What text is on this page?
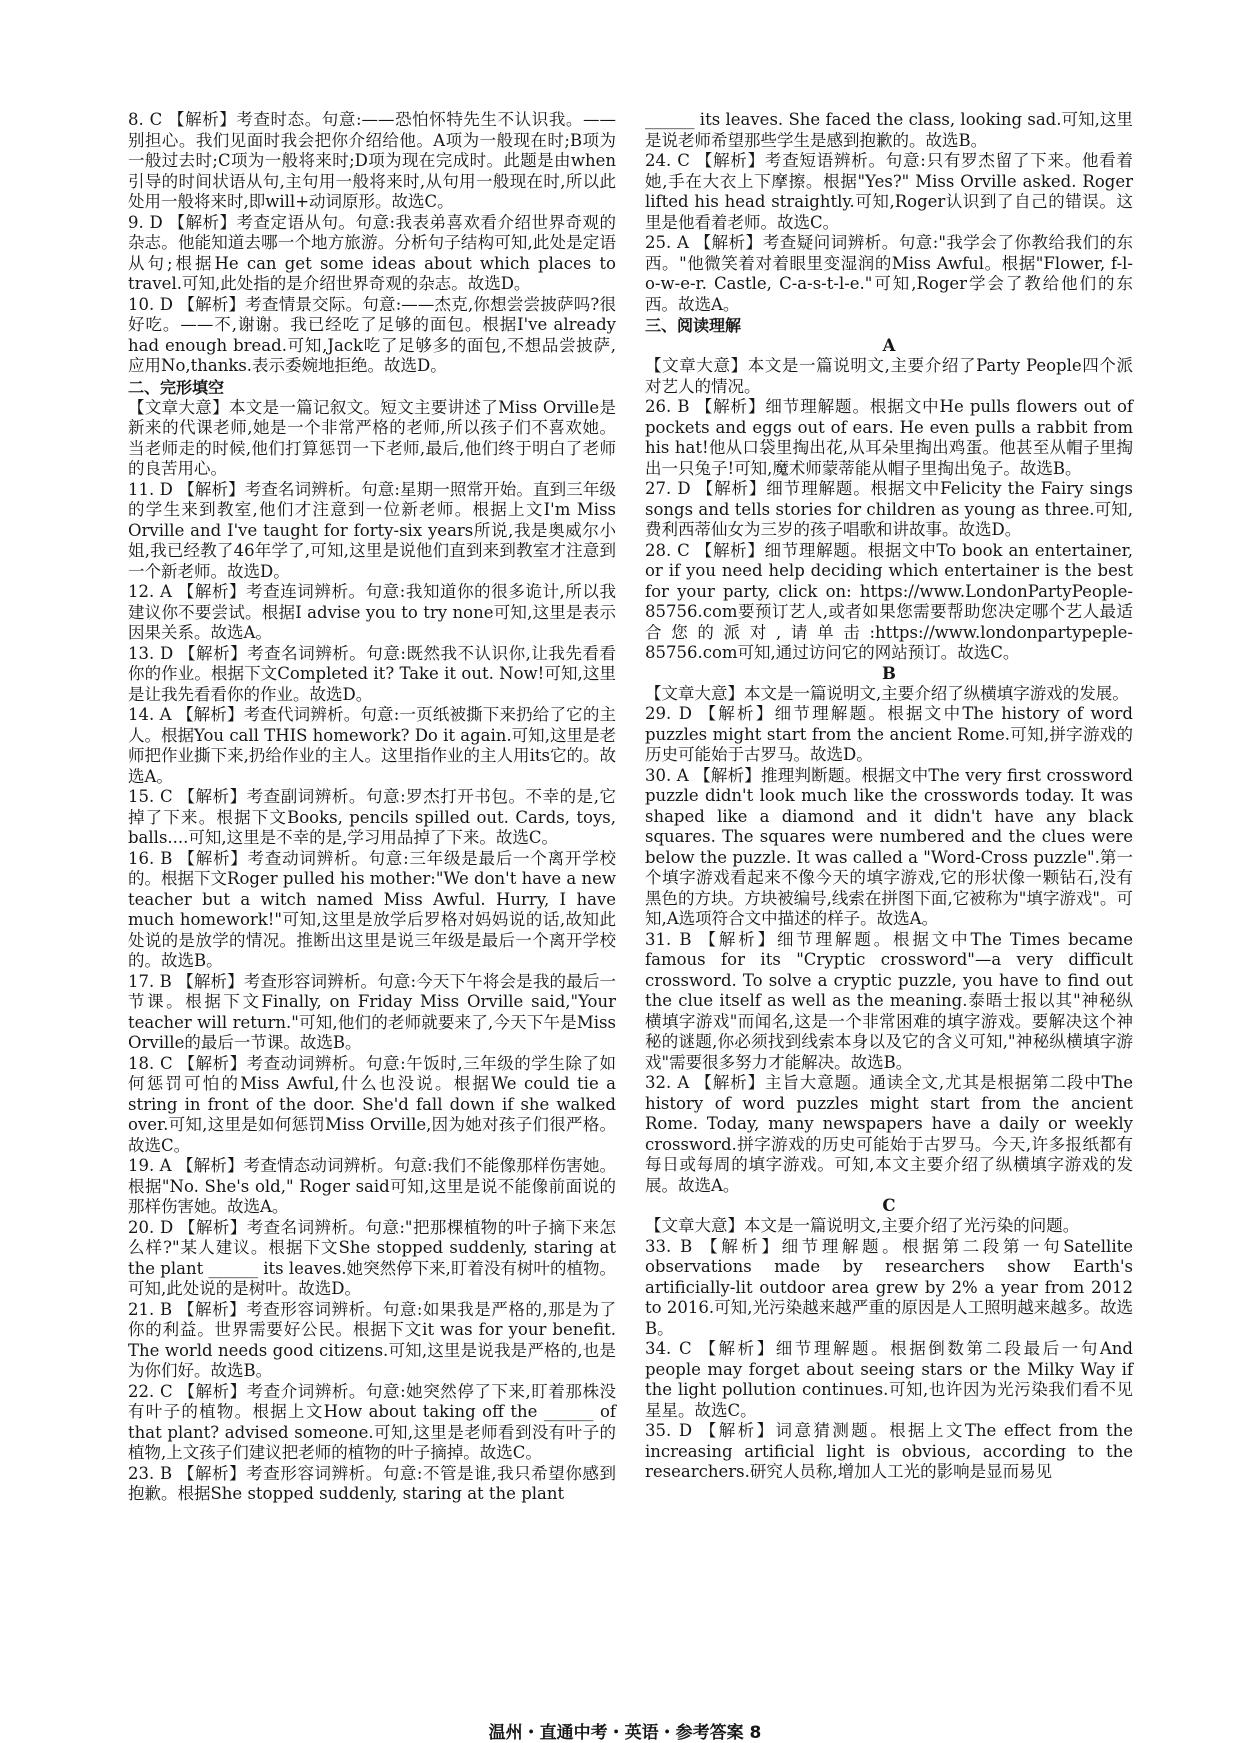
8. C 【解析】考查时态。句意:——恐怕怀特先生不认识我。——别担心。我们见面时我会把你介绍给他。A项为一般现在时;B项为一般过去时;C项为一般将来时;D项为现在完成时。此题是由when引导的时间状语从句,主句用一般将来时,从句用一般现在时,所以此处用一般将来时,即will+动词原形。故选C。

9. D 【解析】考查定语从句。句意:我表弟喜欢看介绍世界奇观的杂志。他能知道去哪一个地方旅游。分析句子结构可知,此处是定语从句;根据He can get some ideas about which places to travel.可知,此处指的是介绍世界奇观的杂志。故选D。

10. D 【解析】考查情景交际。句意:——杰克,你想尝尝披萨吗?很好吃。——不,谢谢。我已经吃了足够的面包。根据I've already had enough bread.可知,Jack吃了足够多的面包,不想品尝披萨,应用No,thanks.表示委婉地拒绝。故选D。

二、完形填空

【文章大意】本文是一篇记叙文。短文主要讲述了Miss Orville是新来的代课老师,她是一个非常严格的老师,所以孩子们不喜欢她。当老师走的时候,他们打算惩罚一下老师,最后,他们终于明白了老师的良苦用心。

11. D 【解析】考查名词辨析。句意:星期一照常开始。直到三年级的学生来到教室,他们才注意到一位新老师。根据上文I'm Miss Orville and I've taught for forty-six years所说,我是奥威尔小姐,我已经教了46年学了,可知,这里是说他们直到来到教室才注意到一个新老师。故选D。

12. A 【解析】考查连词辨析。句意:我知道你的很多诡计,所以我建议你不要尝试。根据I advise you to try none可知,这里是表示因果关系。故选A。

13. D 【解析】考查名词辨析。句意:既然我不认识你,让我先看看你的作业。根据下文Completed it? Take it out. Now!可知,这里是让我先看看你的作业。故选D。

14. A 【解析】考查代词辨析。句意:一页纸被撕下来扔给了它的主人。根据You call THIS homework? Do it again.可知,这里是老师把作业撕下来,扔给作业的主人。这里指作业的主人用its它的。故选A。

15. C 【解析】考查副词辨析。句意:罗杰打开书包。不幸的是,它掉了下来。根据下文Books, pencils spilled out. Cards, toys, balls....可知,这里是不幸的是,学习用品掉了下来。故选C。

16. B 【解析】考查动词辨析。句意:三年级是最后一个离开学校的。根据下文Roger pulled his mother:"We don't have a new teacher but a witch named Miss Awful. Hurry, I have much homework!"可知,这里是放学后罗格对妈妈说的话,故知此处说的是放学的情况。推断出这里是说三年级是最后一个离开学校的。故选B。

17. B 【解析】考查形容词辨析。句意:今天下午将会是我的最后一节课。根据下文Finally, on Friday Miss Orville said,"Your teacher will return."可知,他们的老师就要来了,今天下午是Miss Orville的最后一节课。故选B。

18. C 【解析】考查动词辨析。句意:午饭时,三年级的学生除了如何惩罚可怕的Miss Awful,什么也没说。根据We could tie a string in front of the door. She'd fall down if she walked over.可知,这里是如何惩罚Miss Orville,因为她对孩子们很严格。故选C。

19. A 【解析】考查情态动词辨析。句意:我们不能像那样伤害她。根据"No. She's old," Roger said可知,这里是说不能像前面说的那样伤害她。故选A。

20. D 【解析】考查名词辨析。句意:"把那棵植物的叶子摘下来怎么样?"某人建议。根据下文She stopped suddenly, staring at the plant ______ its leaves.她突然停下来,盯着没有树叶的植物。可知,此处说的是树叶。故选D。

21. B 【解析】考查形容词辨析。句意:如果我是严格的,那是为了你的利益。世界需要好公民。根据下文it was for your benefit. The world needs good citizens.可知,这里是说我是严格的,也是为你们好。故选B。

22. C 【解析】考查介词辨析。句意:她突然停了下来,盯着那株没有叶子的植物。根据上文How about taking off the ______ of that plant? advised someone.可知,这里是老师看到没有叶子的植物,上文孩子们建议把老师的植物的叶子摘掉。故选C。

23. B 【解析】考查形容词辨析。句意:不管是谁,我只希望你感到抱歉。根据She stopped suddenly, staring at the plant

______ its leaves. She faced the class, looking sad.可知,这里是说老师希望那些学生是感到抱歉的。故选B。

24. C 【解析】考查短语辨析。句意:只有罗杰留了下来。他看着她,手在大衣上下摩擦。根据"Yes?" Miss Orville asked. Roger lifted his head straightly.可知,Roger认识到了自己的错误。这里是他看着老师。故选C。

25. A 【解析】考查疑问词辨析。句意:"我学会了你教给我们的东西。"他微笑着对着眼里变湿润的Miss Awful。根据"Flower, f-l-o-w-e-r. Castle, C-a-s-t-l-e."可知,Roger学会了教给他们的东西。故选A。

三、阅读理解

A

【文章大意】本文是一篇说明文,主要介绍了Party People四个派对艺人的情况。

26. B 【解析】细节理解题。根据文中He pulls flowers out of pockets and eggs out of ears. He even pulls a rabbit from his hat!他从口袋里掏出花,从耳朵里掏出鸡蛋。他甚至从帽子里掏出一只兔子!可知,魔术师蒙蒂能从帽子里掏出兔子。故选B。

27. D 【解析】细节理解题。根据文中Felicity the Fairy sings songs and tells stories for children as young as three.可知,费利西蒂仙女为三岁的孩子唱歌和讲故事。故选D。

28. C 【解析】细节理解题。根据文中To book an entertainer, or if you need help deciding which entertainer is the best for your party, click on: https://www.LondonPartyPeople-85756.com要预订艺人,或者如果您需要帮助您决定哪个艺人最适合您的派对,请单击:https://www.londonpartypeple-85756.com可知,通过访问它的网站预订。故选C。

B

【文章大意】本文是一篇说明文,主要介绍了纵横填字游戏的发展。

29. D 【解析】细节理解题。根据文中The history of word puzzles might start from the ancient Rome.可知,拼字游戏的历史可能始于古罗马。故选D。

30. A 【解析】推理判断题。根据文中The very first crossword puzzle didn't look much like the crosswords today. It was shaped like a diamond and it didn't have any black squares. The squares were numbered and the clues were below the puzzle. It was called a "Word-Cross puzzle".第一个填字游戏看起来不像今天的填字游戏,它的形状像一颗钻石,没有黑色的方块。方块被编号,线索在拼图下面,它被称为"填字游戏"。可知,A选项符合文中描述的样子。故选A。

31. B 【解析】细节理解题。根据文中The Times became famous for its "Cryptic crossword"—a very difficult crossword. To solve a cryptic puzzle, you have to find out the clue itself as well as the meaning.泰晤士报以其"神秘纵横填字游戏"而闻名,这是一个非常困难的填字游戏。要解决这个神秘的谜题,你必须找到线索本身以及它的含义可知,"神秘纵横填字游戏"需要很多努力才能解决。故选B。

32. A 【解析】主旨大意题。通读全文,尤其是根据第二段中The history of word puzzles might start from the ancient Rome. Today, many newspapers have a daily or weekly crossword.拼字游戏的历史可能始于古罗马。今天,许多报纸都有每日或每周的填字游戏。可知,本文主要介绍了纵横填字游戏的发展。故选A。

C

【文章大意】本文是一篇说明文,主要介绍了光污染的问题。

33. B 【解析】细节理解题。根据第二段第一句Satellite observations made by researchers show Earth's artificially-lit outdoor area grew by 2% a year from 2012 to 2016.可知,光污染越来越严重的原因是人工照明越来越多。故选B。

34. C 【解析】细节理解题。根据倒数第二段最后一句And people may forget about seeing stars or the Milky Way if the light pollution continues.可知,也许因为光污染我们看不见星星。故选C。

35. D 【解析】词意猜测题。根据上文The effect from the increasing artificial light is obvious, according to the researchers.研究人员称,增加人工光的影响是显而易见

温州・直通中考・英语・参考答案 8
